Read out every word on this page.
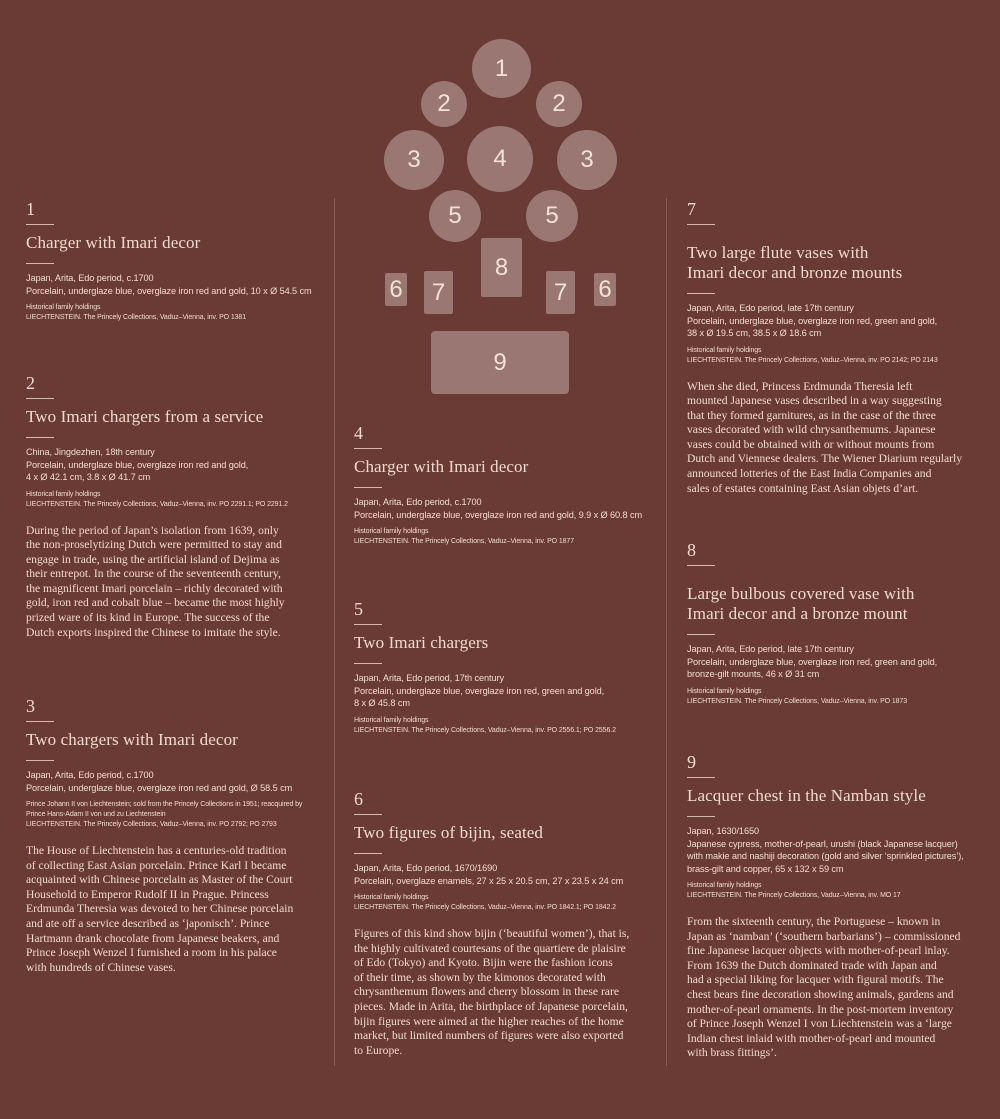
1
2	2
3	4	3
5	5
8
6	7	7	6
9
1
Charger with Imari decor
Japan, Arita, Edo period, c.1700
Porcelain, underglaze blue, overglaze iron red and gold, 10 x Ø 54.5 cm
Historical family holdings
LIECHTENSTEIN. The Princely Collections, Vaduz–Vienna, inv. PO 1381
2
Two Imari chargers from a service
China, Jingdezhen, 18th century
Porcelain, underglaze blue, overglaze iron red and gold,
4 x Ø 42.1 cm, 3.8 x Ø 41.7 cm
Historical family holdings
LIECHTENSTEIN. The Princely Collections, Vaduz–Vienna, inv. PO 2291.1; PO 2291.2
During the period of Japan’s isolation from 1639, only
the non-proselytizing Dutch were permitted to stay and
engage in trade, using the artificial island of Dejima as
their entrepot. In the course of the seventeenth century,
the magnificent Imari porcelain – richly decorated with
gold, iron red and cobalt blue – became the most highly
prized ware of its kind in Europe. The success of the
Dutch exports inspired the Chinese to imitate the style.
3
Two chargers with Imari decor
Japan, Arita, Edo period, c.1700
Porcelain, underglaze blue, overglaze iron red and gold, Ø 58.5 cm
Prince Johann II von Liechtenstein; sold from the Princely Collections in 1951; reacquired by
Prince Hans-Adam II von und zu Liechtenstein
LIECHTENSTEIN. The Princely Collections, Vaduz–Vienna, inv. PO 2792; PO 2793
The House of Liechtenstein has a centuries-old tradition
of collecting East Asian porcelain. Prince Karl I became
acquainted with Chinese porcelain as Master of the Court
Household to Emperor Rudolf II in Prague. Princess
Erdmunda Theresia was devoted to her Chinese porcelain
and ate off a service described as ‘japonisch’. Prince
Hartmann drank chocolate from Japanese beakers, and
Prince Joseph Wenzel I furnished a room in his palace
with hundreds of Chinese vases.
4
Charger with Imari decor
Japan, Arita, Edo period, c.1700
Porcelain, underglaze blue, overglaze iron red and gold, 9.9 x Ø 60.8 cm
Historical family holdings
LIECHTENSTEIN. The Princely Collections, Vaduz–Vienna, inv. PO 1877
5
Two Imari chargers
Japan, Arita, Edo period, 17th century
Porcelain, underglaze blue, overglaze iron red, green and gold,
8 x Ø 45.8 cm
Historical family holdings
LIECHTENSTEIN. The Princely Collections, Vaduz–Vienna, inv. PO 2556.1; PO 2556.2
6
Two figures of bijin, seated
Japan, Arita, Edo period, 1670/1690
Porcelain, overglaze enamels, 27 x 25 x 20.5 cm, 27 x 23.5 x 24 cm
Historical family holdings
LIECHTENSTEIN. The Princely Collections, Vaduz–Vienna, inv. PO 1842.1; PO 1842.2
Figures of this kind show bijin (‘beautiful women’), that is,
the highly cultivated courtesans of the quartiere de plaisire
of Edo (Tokyo) and Kyoto. Bijin were the fashion icons
of their time, as shown by the kimonos decorated with
chrysanthemum flowers and cherry blossom in these rare
pieces. Made in Arita, the birthplace of Japanese porcelain,
bijin figures were aimed at the higher reaches of the home
market, but limited numbers of figures were also exported
to Europe.
7
Two large flute vases with
Imari decor and bronze mounts
Japan, Arita, Edo period, late 17th century
Porcelain, underglaze blue, overglaze iron red, green and gold,
38 x Ø 19.5 cm, 38.5 x Ø 18.6 cm
Historical family holdings
LIECHTENSTEIN. The Princely Collections, Vaduz–Vienna, inv. PO 2142; PO 2143
When she died, Princess Erdmunda Theresia left
mounted Japanese vases described in a way suggesting
that they formed garnitures, as in the case of the three
vases decorated with wild chrysanthemums. Japanese
vases could be obtained with or without mounts from
Dutch and Viennese dealers. The Wiener Diarium regularly
announced lotteries of the East India Companies and
sales of estates containing East Asian objets d’art.
8
Large bulbous covered vase with
Imari decor and a bronze mount
Japan, Arita, Edo period, late 17th century
Porcelain, underglaze blue, overglaze iron red, green and gold,
bronze-gilt mounts, 46 x Ø 31 cm
Historical family holdings
LIECHTENSTEIN. The Princely Collections, Vaduz–Vienna, inv. PO 1873
9
Lacquer chest in the Namban style
Japan, 1630/1650
Japanese cypress, mother-of-pearl, urushi (black Japanese lacquer)
with makie and nashiji decoration (gold and silver ‘sprinkled pictures’),
brass-gilt and copper, 65 x 132 x 59 cm
Historical family holdings
LIECHTENSTEIN. The Princely Collections, Vaduz–Vienna, inv. MO 17
From the sixteenth century, the Portuguese – known in
Japan as ‘namban’ (‘southern barbarians’) – commissioned
fine Japanese lacquer objects with mother-of-pearl inlay.
From 1639 the Dutch dominated trade with Japan and
had a special liking for lacquer with figural motifs. The
chest bears fine decoration showing animals, gardens and
mother-of-pearl ornaments. In the post-mortem inventory
of Prince Joseph Wenzel I von Liechtenstein was a ‘large
Indian chest inlaid with mother-of-pearl and mounted
with brass fittings’.
